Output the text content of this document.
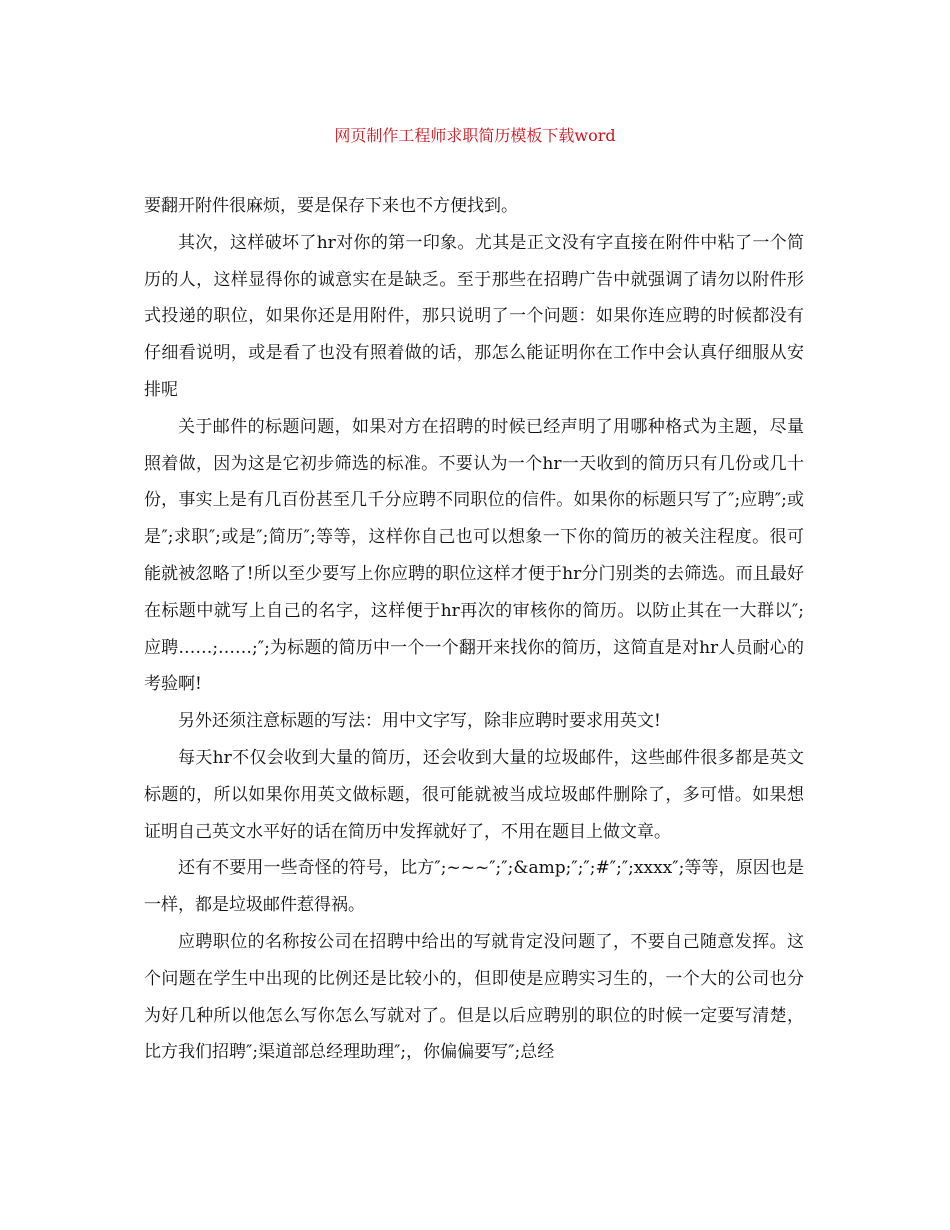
网页制作工程师求职简历模板下载word

要翻开附件很麻烦，要是保存下来也不方便找到。

其次，这样破坏了hr对你的第一印象。尤其是正文没有字直接在附件中粘了一个简历的人，这样显得你的诚意实在是缺乏。至于那些在招聘广告中就强调了请勿以附件形式投递的职位，如果你还是用附件，那只说明了一个问题：如果你连应聘的时候都没有仔细看说明，或是看了也没有照着做的话，那怎么能证明你在工作中会认真仔细服从安排呢

关于邮件的标题问题，如果对方在招聘的时候已经声明了用哪种格式为主题，尽量照着做，因为这是它初步筛选的标准。不要认为一个hr一天收到的简历只有几份或几十份，事实上是有几百份甚至几千分应聘不同职位的信件。如果你的标题只写了″;应聘″;或是″;求职″;或是″;简历″;等等，这样你自己也可以想象一下你的简历的被关注程度。很可能就被忽略了!所以至少要写上你应聘的职位这样才便于hr分门别类的去筛选。而且最好在标题中就写上自己的名字，这样便于hr再次的审核你的简历。以防止其在一大群以″;应聘……;……;″;为标题的简历中一个一个翻开来找你的简历，这简直是对hr人员耐心的考验啊!

另外还须注意标题的写法：用中文字写，除非应聘时要求用英文!

每天hr不仅会收到大量的简历，还会收到大量的垃圾邮件，这些邮件很多都是英文标题的，所以如果你用英文做标题，很可能就被当成垃圾邮件删除了，多可惜。如果想证明自己英文水平好的话在简历中发挥就好了，不用在题目上做文章。

还有不要用一些奇怪的符号，比方″;~~~″;″;&amp;″;″;#″;″;xxxx″;等等，原因也是一样，都是垃圾邮件惹得祸。

应聘职位的名称按公司在招聘中给出的写就肯定没问题了，不要自己随意发挥。这个问题在学生中出现的比例还是比较小的，但即使是应聘实习生的，一个大的公司也分为好几种所以他怎么写你怎么写就对了。但是以后应聘别的职位的时候一定要写清楚，比方我们招聘″;渠道部总经理助理″;，你偏偏要写″;总经
